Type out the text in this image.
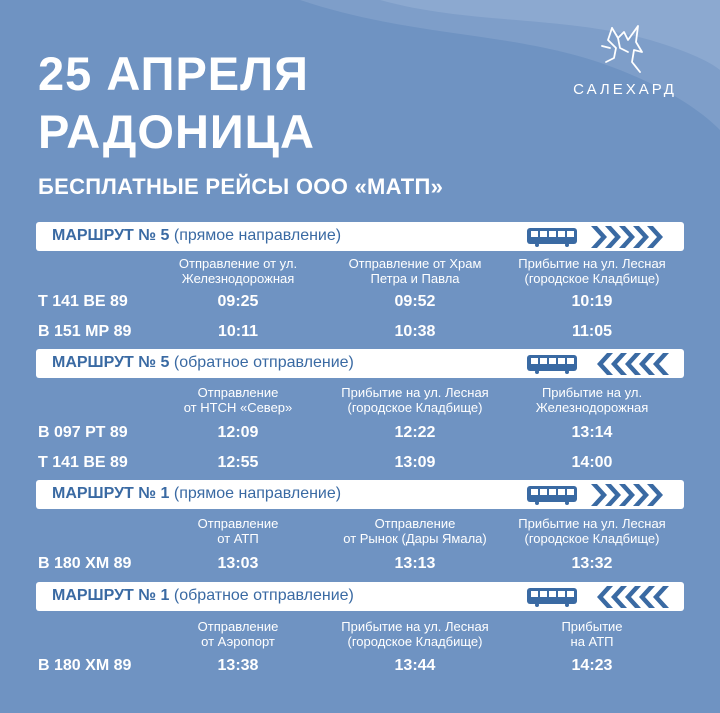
25 АПРЕЛЯ
РАДОНИЦА
БЕСПЛАТНЫЕ РЕЙСЫ ООО «МАТП»
САЛЕХАРД
МАРШРУТ № 5 (прямое направление)
Отправление от ул.
Железнодорожная
Отправление от Храм
Петра и Павла
Прибытие на ул. Лесная
(городское Кладбище)
Т 141 ВЕ 89	09:25	09:52	10:19
В 151 МР 89	10:11	10:38	11:05
МАРШРУТ № 5 (обратное отправление)
Отправление
от НТСН «Север»
Прибытие на ул. Лесная
(городское Кладбище)
Прибытие на ул.
Железнодорожная
В 097 РТ 89	12:09	12:22	13:14
Т 141 ВЕ 89	12:55	13:09	14:00
МАРШРУТ № 1 (прямое направление)
Отправление
от АТП
Отправление
от Рынок (Дары Ямала)
Прибытие на ул. Лесная
(городское Кладбище)
В 180 ХМ 89	13:03	13:13	13:32
МАРШРУТ № 1 (обратное отправление)
Отправление
от Аэропорт
Прибытие на ул. Лесная
(городское Кладбище)
Прибытие
на АТП
В 180 ХМ 89	13:38	13:44	14:23
